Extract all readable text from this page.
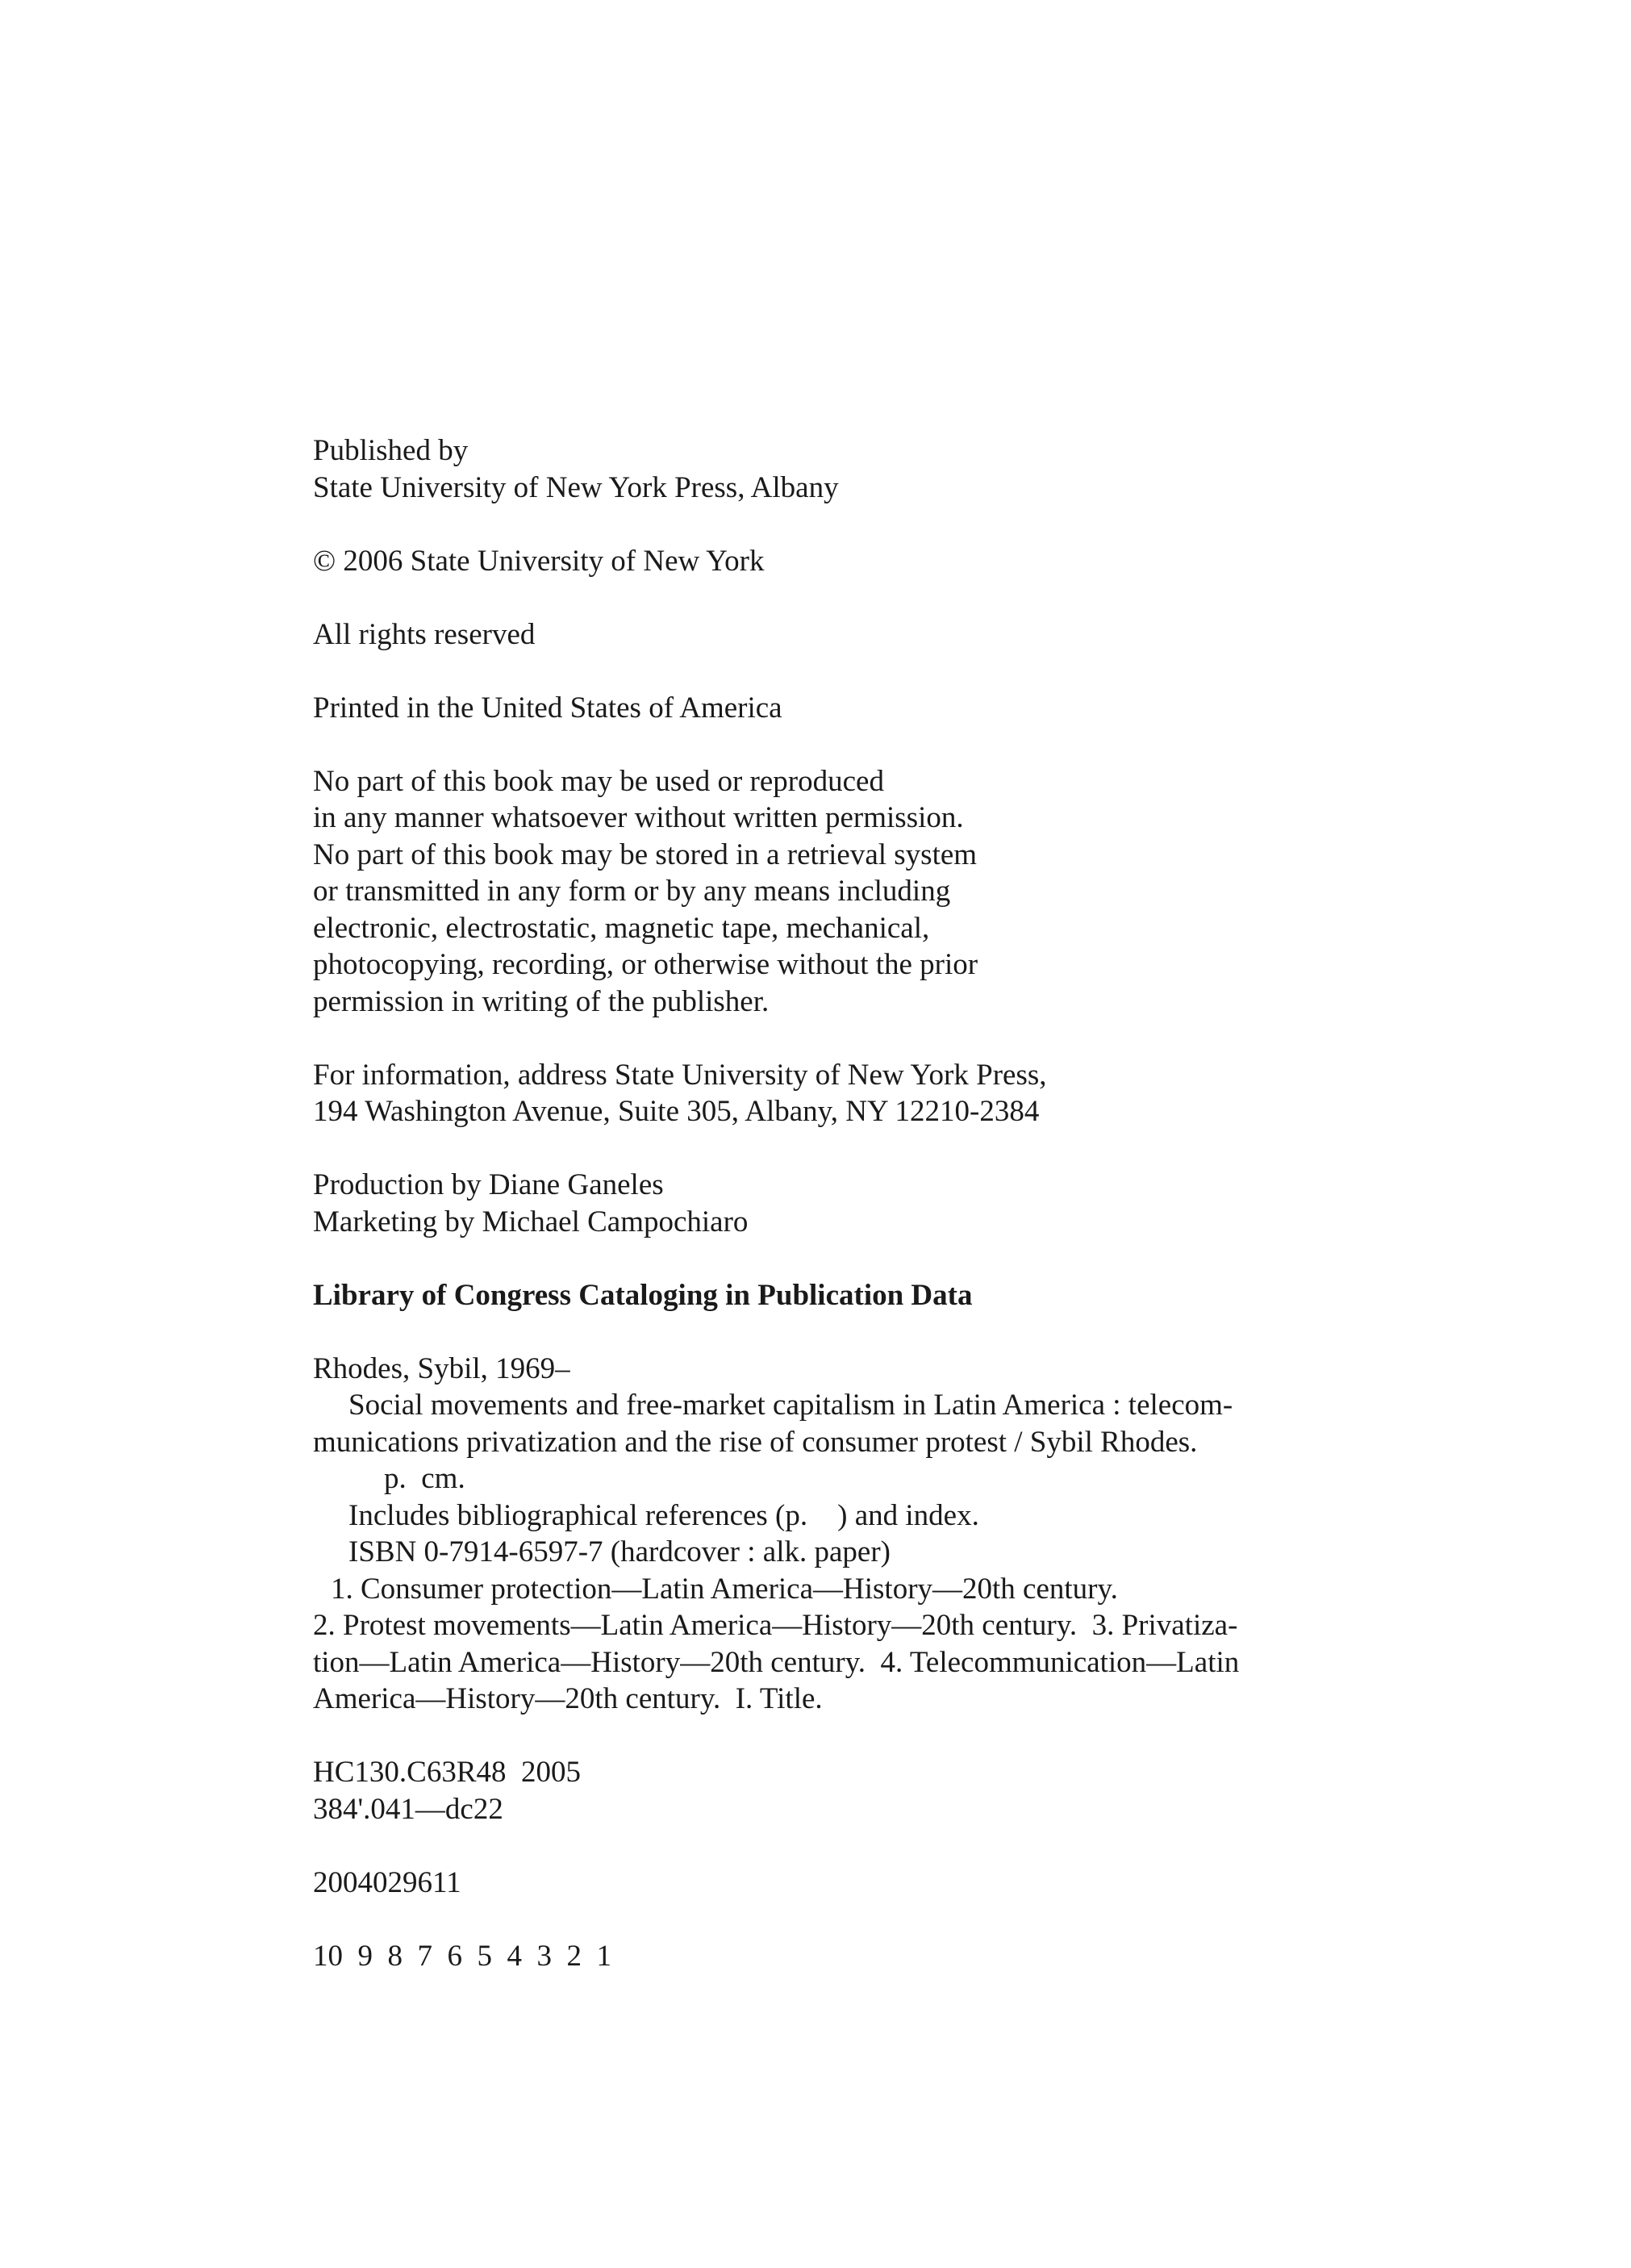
Published by
State University of New York Press, Albany
© 2006 State University of New York
All rights reserved
Printed in the United States of America
No part of this book may be used or reproduced
in any manner whatsoever without written permission.
No part of this book may be stored in a retrieval system
or transmitted in any form or by any means including
electronic, electrostatic, magnetic tape, mechanical,
photocopying, recording, or otherwise without the prior
permission in writing of the publisher.
For information, address State University of New York Press,
194 Washington Avenue, Suite 305, Albany, NY 12210-2384
Production by Diane Ganeles
Marketing by Michael Campochiaro
Library of Congress Cataloging in Publication Data
Rhodes, Sybil, 1969–
Social movements and free-market capitalism in Latin America : telecom-
munications privatization and the rise of consumer protest / Sybil Rhodes.
p.  cm.
Includes bibliographical references (p.    ) and index.
ISBN 0-7914-6597-7 (hardcover : alk. paper)
1. Consumer protection—Latin America—History—20th century.
2. Protest movements—Latin America—History—20th century.  3. Privatiza-
tion—Latin America—History—20th century.  4. Telecommunication—Latin
America—History—20th century.  I. Title.
HC130.C63R48  2005
384'.041—dc22
2004029611
10  9  8  7  6  5  4  3  2  1
